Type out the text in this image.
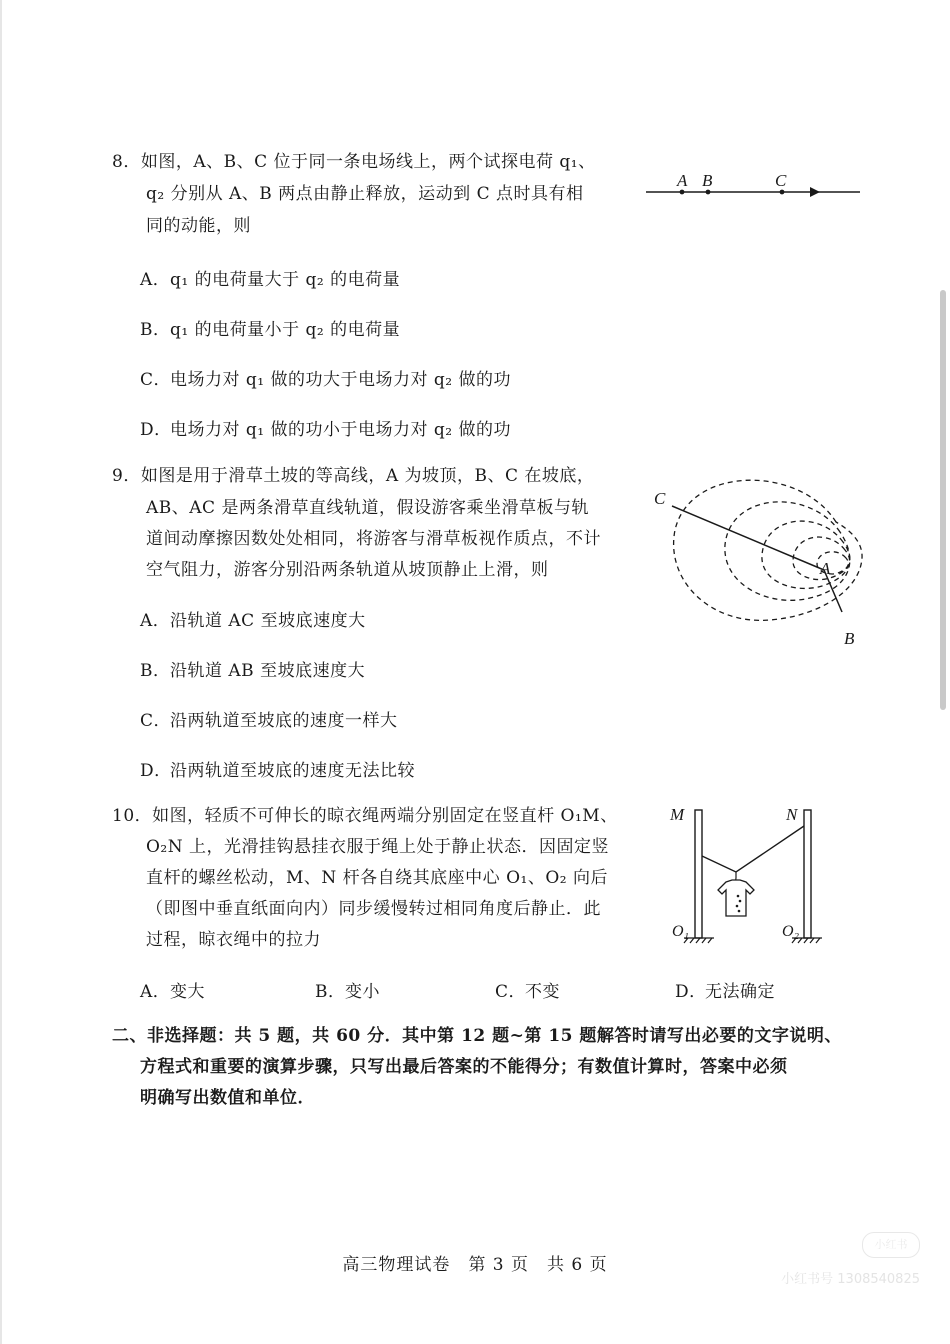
8．如图，A、B、C 位于同一条电场线上，两个试探电荷 q₁、
q₂ 分别从 A、B 两点由静止释放，运动到 C 点时具有相
同的动能，则
A．q₁ 的电荷量大于 q₂ 的电荷量
B．q₁ 的电荷量小于 q₂ 的电荷量
C．电场力对 q₁ 做的功大于电场力对 q₂ 做的功
D．电场力对 q₁ 做的功小于电场力对 q₂ 做的功
A B	C
9．如图是用于滑草土坡的等高线，A 为坡顶，B、C 在坡底，
AB、AC 是两条滑草直线轨道，假设游客乘坐滑草板与轨
道间动摩擦因数处处相同，将游客与滑草板视作质点，不计
空气阻力，游客分别沿两条轨道从坡顶静止上滑，则
A．沿轨道 AC 至坡底速度大
B．沿轨道 AB 至坡底速度大
C．沿两轨道至坡底的速度一样大
D．沿两轨道至坡底的速度无法比较
C
A
B
10．如图，轻质不可伸长的晾衣绳两端分别固定在竖直杆 O₁M、
O₂N 上，光滑挂钩悬挂衣服于绳上处于静止状态．因固定竖
直杆的螺丝松动，M、N 杆各自绕其底座中心 O₁、O₂ 向后
（即图中垂直纸面向内）同步缓慢转过相同角度后静止．此
过程，晾衣绳中的拉力
A．变大	B．变小	C．不变	D．无法确定
M	N
O₁	O₂
二、非选择题：共 5 题，共 60 分．其中第 12 题~第 15 题解答时请写出必要的文字说明、
方程式和重要的演算步骤，只写出最后答案的不能得分；有数值计算时，答案中必须
明确写出数值和单位．
高三物理试卷　第 3 页　共 6 页
小红书
小红书号 1308540825
